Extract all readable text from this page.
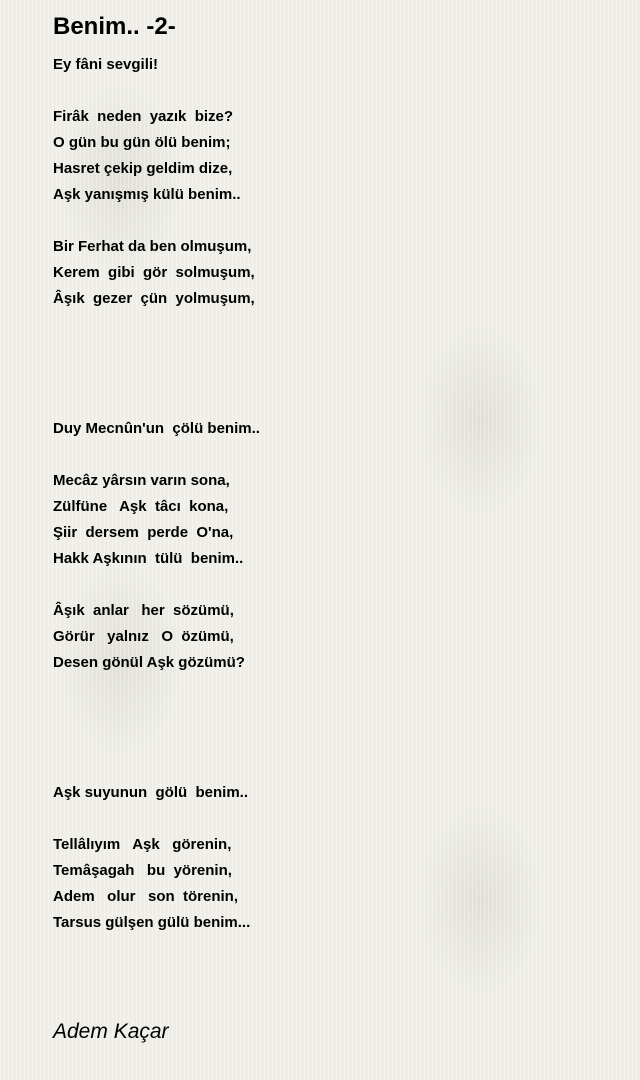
Benim.. -2-
Ey fâni sevgili!
Firâk  neden  yazık  bize?
O gün bu gün ölü benim;
Hasret çekip geldim dize,
Aşk yanışmış külü benim..
Bir Ferhat da ben olmuşum,
Kerem  gibi  gör  solmuşum,
Âşık  gezer  çün  yolmuşum,
Duy Mecnûn'un  çölü benim..
Mecâz yârsın varın sona,
Zülfüne   Aşk  tâcı  kona,
Şiir  dersem  perde  O'na,
Hakk Aşkının  tülü  benim..
Âşık  anlar   her  sözümü,
Görür   yalnız   O  özümü,
Desen gönül Aşk gözümü?
Aşk suyunun  gölü  benim..
Tellâlıyım   Aşk   görenin,
Temâşagah   bu  yörenin,
Adem   olur   son  törenin,
Tarsus gülşen gülü benim...
Adem Kaçar
